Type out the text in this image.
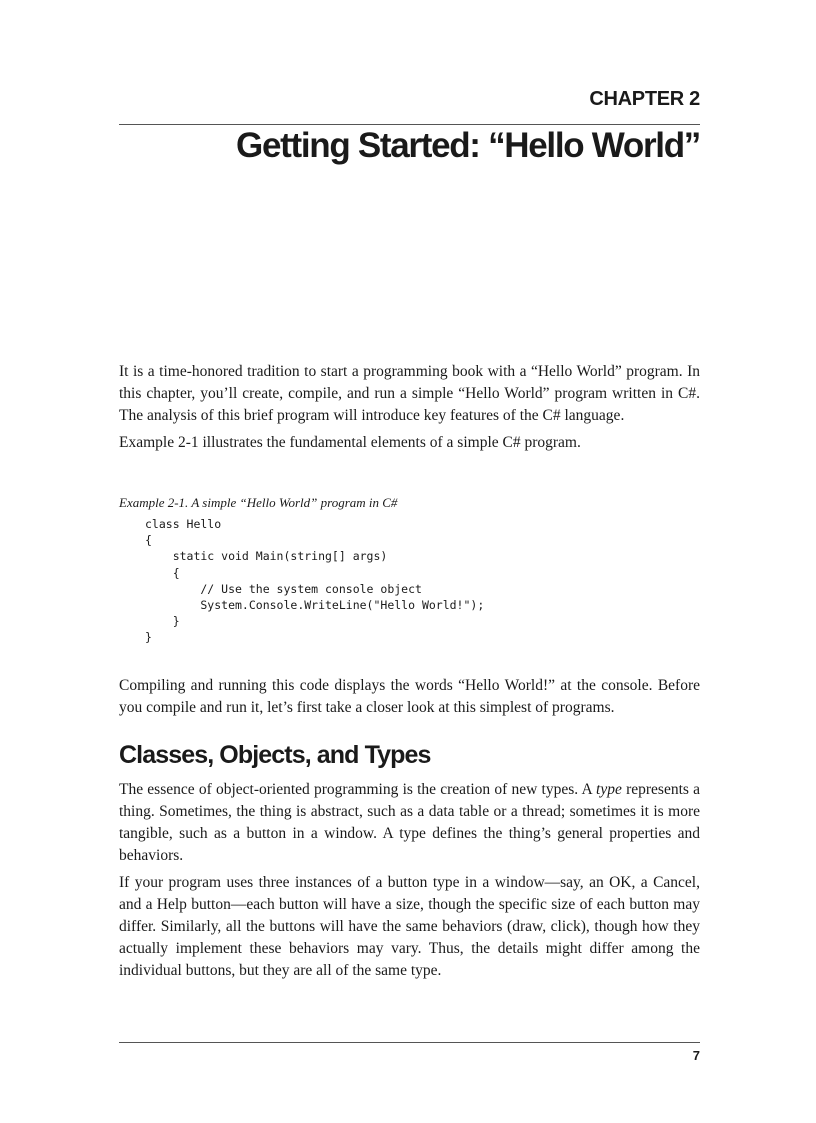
CHAPTER 2
Getting Started: “Hello World”

It is a time-honored tradition to start a programming book with a “Hello World” program. In this chapter, you’ll create, compile, and run a simple “Hello World” program written in C#. The analysis of this brief program will introduce key features of the C# language.

Example 2-1 illustrates the fundamental elements of a simple C# program.

Example 2-1. A simple “Hello World” program in C#
class Hello
{
static void Main(string[] args)
{
// Use the system console object
System.Console.WriteLine("Hello World!");
}
}

Compiling and running this code displays the words “Hello World!” at the console. Before you compile and run it, let’s first take a closer look at this simplest of programs.

Classes, Objects, and Types

The essence of object-oriented programming is the creation of new types. A type represents a thing. Sometimes, the thing is abstract, such as a data table or a thread; sometimes it is more tangible, such as a button in a window. A type defines the thing’s general properties and behaviors.

If your program uses three instances of a button type in a window—say, an OK, a Cancel, and a Help button—each button will have a size, though the specific size of each button may differ. Similarly, all the buttons will have the same behaviors (draw, click), though how they actually implement these behaviors may vary. Thus, the details might differ among the individual buttons, but they are all of the same type.

7
